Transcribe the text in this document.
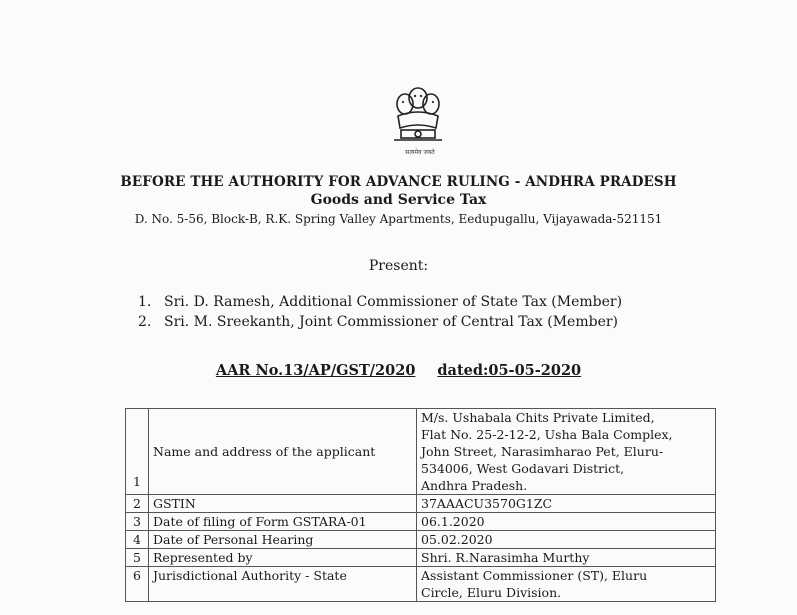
सत्यमेव जयते
BEFORE THE AUTHORITY FOR ADVANCE RULING - ANDHRA PRADESH
Goods and Service Tax
D. No. 5-56, Block-B, R.K. Spring Valley Apartments, Eedupugallu, Vijayawada-521151
Present:
1. Sri. D. Ramesh, Additional Commissioner of State Tax (Member)
2. Sri. M. Sreekanth, Joint Commissioner of Central Tax (Member)
AAR No.13/AP/GST/2020 dated:05-05-2020
1	Name and address of the applicant	M/s. Ushabala Chits Private Limited,
Flat No. 25-2-12-2, Usha Bala Complex,
John Street, Narasimharao Pet, Eluru-
534006, West Godavari District,
Andhra Pradesh.

2	GSTIN	37AAACU3570G1ZC
3	Date of filing of Form GSTARA-01	06.1.2020
4	Date of Personal Hearing	05.02.2020
5	Represented by	Shri. R.Narasimha Murthy
6	Jurisdictional Authority - State	Assistant Commissioner (ST), Eluru
Circle, Eluru Division.
